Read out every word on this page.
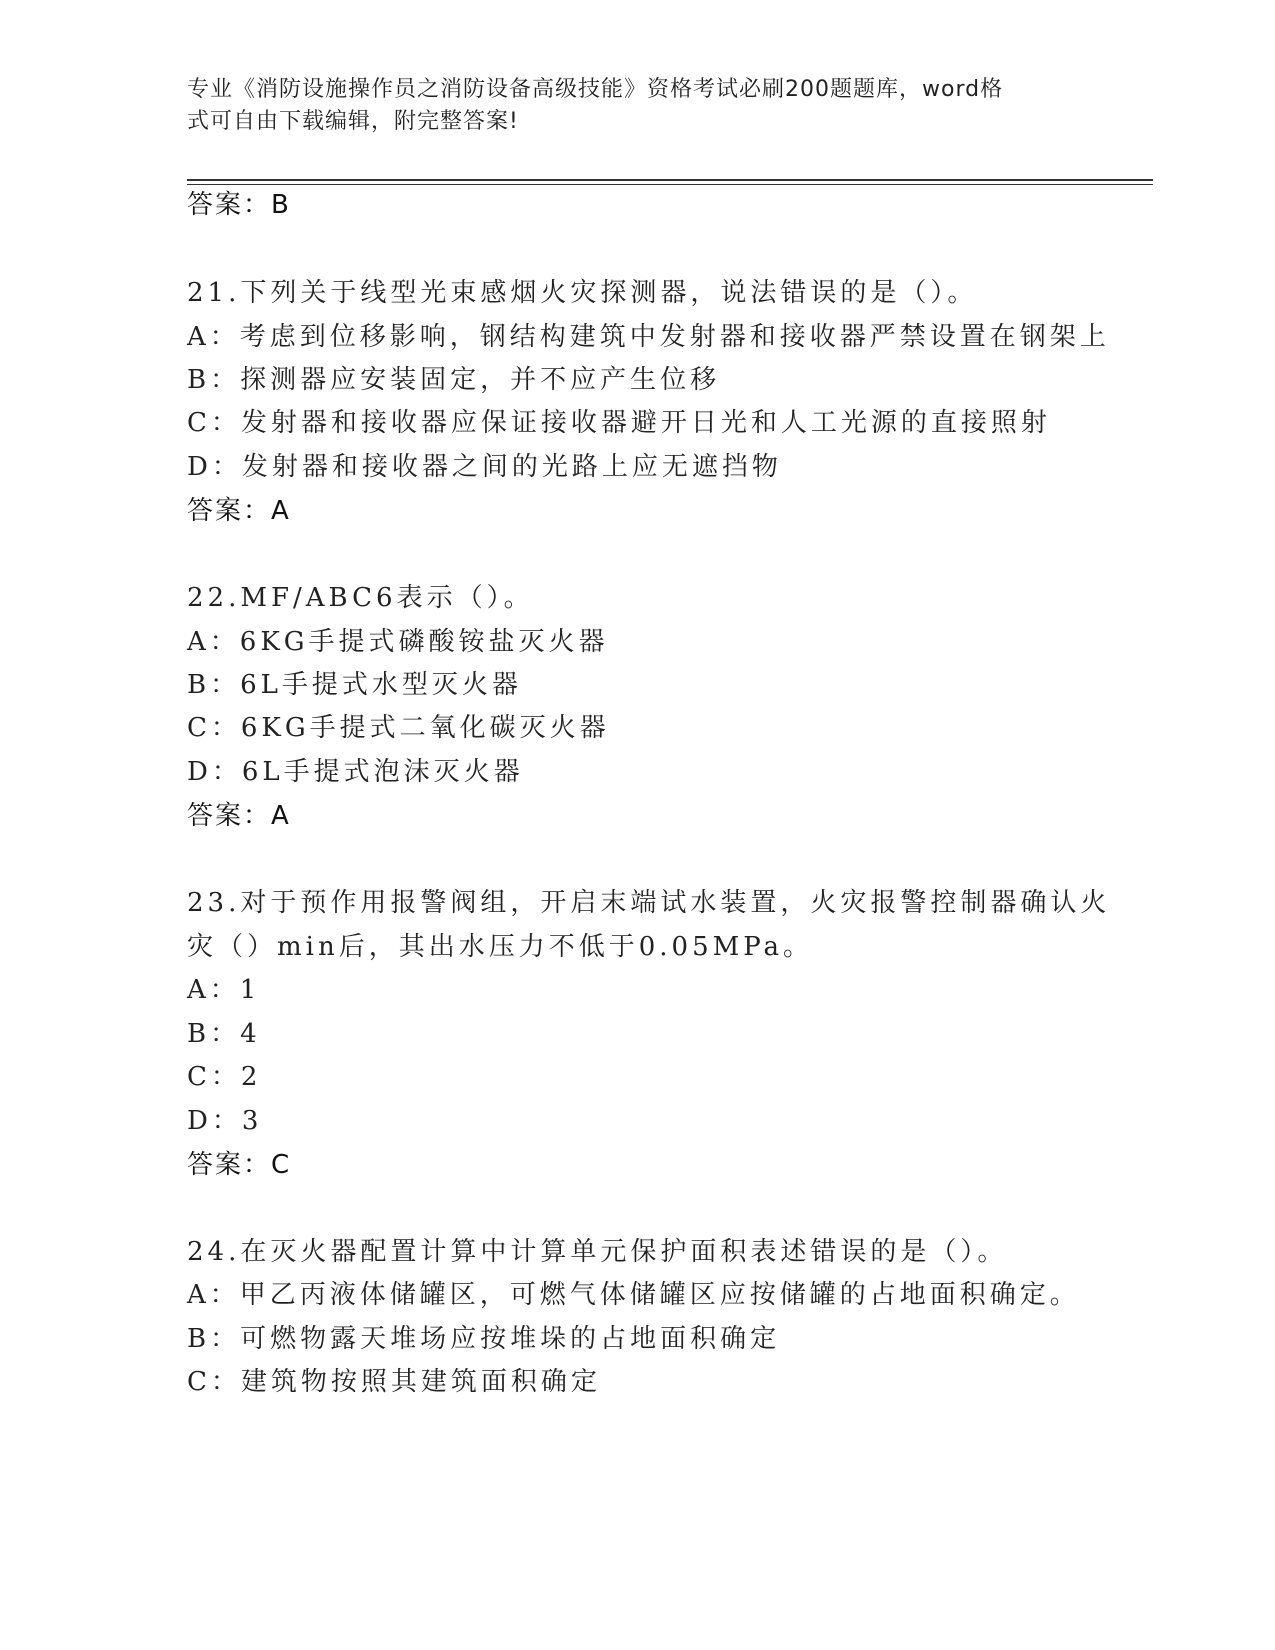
专业《消防设施操作员之消防设备高级技能》资格考试必刷200题题库，word格
式可自由下载编辑，附完整答案!
答案：B
21.下列关于线型光束感烟火灾探测器，说法错误的是（）。
A：考虑到位移影响，钢结构建筑中发射器和接收器严禁设置在钢架上
B：探测器应安装固定，并不应产生位移
C：发射器和接收器应保证接收器避开日光和人工光源的直接照射
D：发射器和接收器之间的光路上应无遮挡物
答案：A
22.MF/ABC6表示（）。
A：6KG手提式磷酸铵盐灭火器
B：6L手提式水型灭火器
C：6KG手提式二氧化碳灭火器
D：6L手提式泡沫灭火器
答案：A
23.对于预作用报警阀组，开启末端试水装置，火灾报警控制器确认火
灾（）min后，其出水压力不低于0.05MPa。
A：1
B：4
C：2
D：3
答案：C
24.在灭火器配置计算中计算单元保护面积表述错误的是（）。
A：甲乙丙液体储罐区，可燃气体储罐区应按储罐的占地面积确定。
B：可燃物露天堆场应按堆垛的占地面积确定
C：建筑物按照其建筑面积确定
